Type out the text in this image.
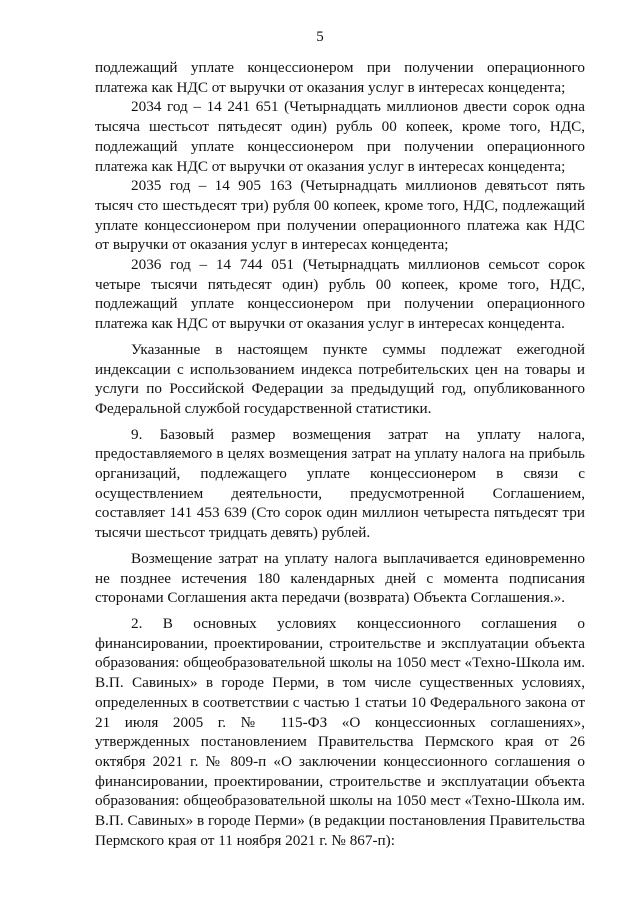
5

подлежащий уплате концессионером при получении операционного платежа как НДС от выручки от оказания услуг в интересах концедента;

2034 год – 14 241 651 (Четырнадцать миллионов двести сорок одна тысяча шестьсот пятьдесят один) рубль 00 копеек, кроме того, НДС, подлежащий уплате концессионером при получении операционного платежа как НДС от выручки от оказания услуг в интересах концедента;

2035 год – 14 905 163 (Четырнадцать миллионов девятьсот пять тысяч сто шестьдесят три) рубля 00 копеек, кроме того, НДС, подлежащий уплате концессионером при получении операционного платежа как НДС от выручки от оказания услуг в интересах концедента;

2036 год – 14 744 051 (Четырнадцать миллионов семьсот сорок четыре тысячи пятьдесят один) рубль 00 копеек, кроме того, НДС, подлежащий уплате концессионером при получении операционного платежа как НДС от выручки от оказания услуг в интересах концедента.

Указанные в настоящем пункте суммы подлежат ежегодной индексации с использованием индекса потребительских цен на товары и услуги по Российской Федерации за предыдущий год, опубликованного Федеральной службой государственной статистики.

9. Базовый размер возмещения затрат на уплату налога, предоставляемого в целях возмещения затрат на уплату налога на прибыль организаций, подлежащего уплате концессионером в связи с осуществлением деятельности, предусмотренной Соглашением, составляет 141 453 639 (Сто сорок один миллион четыреста пятьдесят три тысячи шестьсот тридцать девять) рублей.

Возмещение затрат на уплату налога выплачивается единовременно не позднее истечения 180 календарных дней с момента подписания сторонами Соглашения акта передачи (возврата) Объекта Соглашения.».

2. В основных условиях концессионного соглашения о финансировании, проектировании, строительстве и эксплуатации объекта образования: общеобразовательной школы на 1050 мест «Техно-Школа им. В.П. Савиных» в городе Перми, в том числе существенных условиях, определенных в соответствии с частью 1 статьи 10 Федерального закона от 21 июля 2005 г. № 115-ФЗ «О концессионных соглашениях», утвержденных постановлением Правительства Пермского края от 26 октября 2021 г. № 809-п «О заключении концессионного соглашения о финансировании, проектировании, строительстве и эксплуатации объекта образования: общеобразовательной школы на 1050 мест «Техно-Школа им. В.П. Савиных» в городе Перми» (в редакции постановления Правительства Пермского края от 11 ноября 2021 г. № 867-п):
